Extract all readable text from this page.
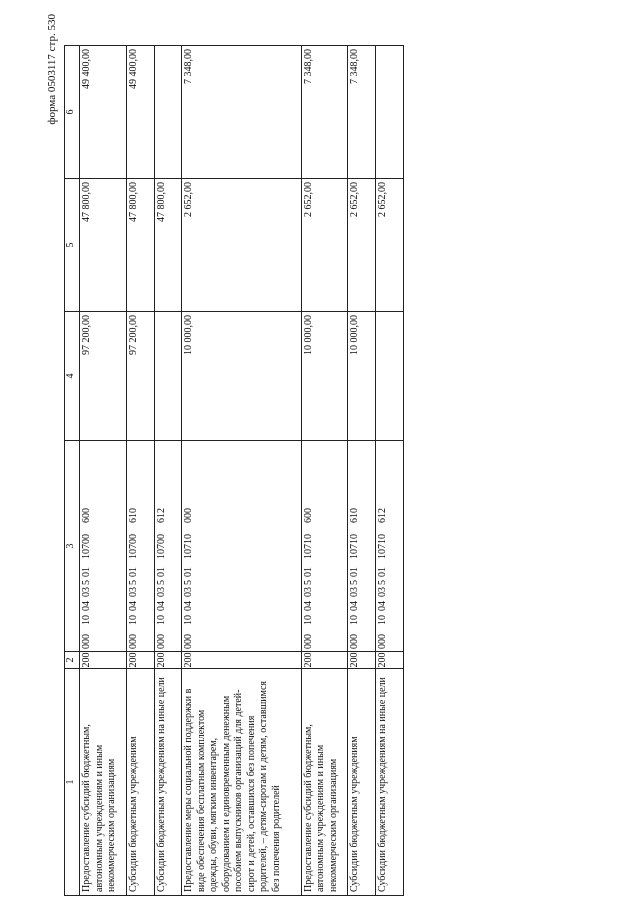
форма 0503117 стр. 530
1	2	3	4	5	6
Предоставление субсидий бюджетным, автономным учреждениям и иным некоммерческим организациям	200	00010040350110700600	97 200,00	47 800,00	49 400,00
Субсидии бюджетным учреждениям	200	00010040350110700610	97 200,00	47 800,00	49 400,00
Субсидии бюджетным учреждениям на иные цели	200	00010040350110700612		47 800,00	
Предоставление меры социальной поддержки в виде обеспечения бесплатным комплектом одежды, обуви, мягким инвентарем, оборудованием и единовременным денежным пособием выпускников организаций для детей-сирот и детей, оставшихся без попечения родителей, – детям-сиротам и детям, оставшимся без попечения родителей	200	00010040350110710000	10 000,00	2 652,00	7 348,00
Предоставление субсидий бюджетным, автономным учреждениям и иным некоммерческим организациям	200	00010040350110710600	10 000,00	2 652,00	7 348,00
Субсидии бюджетным учреждениям	200	00010040350110710610	10 000,00	2 652,00	7 348,00
Субсидии бюджетным учреждениям на иные цели	200	00010040350110710612		2 652,00	
